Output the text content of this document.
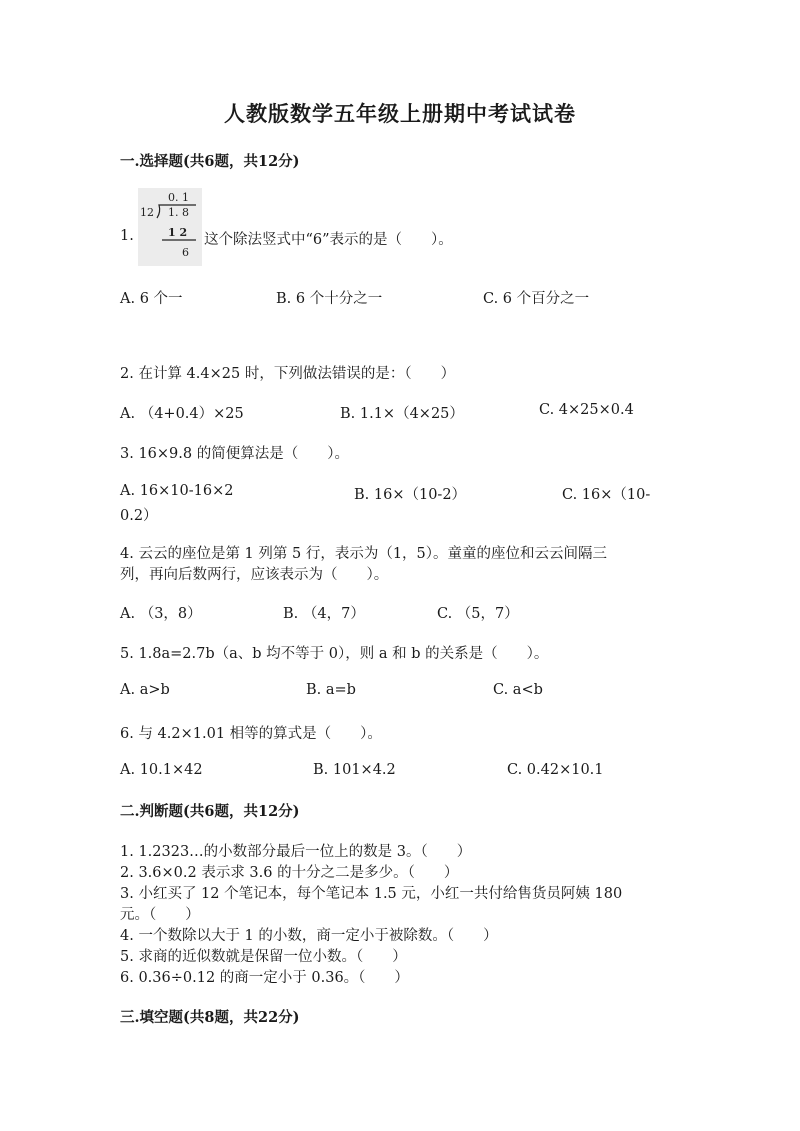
人教版数学五年级上册期中考试试卷
一.选择题(共6题，共12分)
0. 1
12 1. 8
1 2
6
1.	这个除法竖式中“6”表示的是（　　）。
A. 6 个一	B. 6 个十分之一	C. 6 个百分之一
2. 在计算 4.4×25 时，下列做法错误的是：（　　）
A. （4+0.4）×25	B. 1.1×（4×25）	C. 4×25×0.4
3. 16×9.8 的简便算法是（　　）。
A. 16×10-16×2	B. 16×（10-2）	C. 16×（10-
0.2）
4. 云云的座位是第 1 列第 5 行，表示为（1，5）。童童的座位和云云间隔三
列，再向后数两行，应该表示为（　　）。
A. （3，8）	B. （4，7）	C. （5，7）
5. 1.8a=2.7b（a、b 均不等于 0），则 a 和 b 的关系是（　　）。
A. a>b	B. a=b	C. a<b
6. 与 4.2×1.01 相等的算式是（　　）。
A. 10.1×42	B. 101×4.2	C. 0.42×10.1
二.判断题(共6题，共12分)
1. 1.2323…的小数部分最后一位上的数是 3。（　　）
2. 3.6×0.2 表示求 3.6 的十分之二是多少。（　　）
3. 小红买了 12 个笔记本，每个笔记本 1.5 元，小红一共付给售货员阿姨 180
元。（　　）
4. 一个数除以大于 1 的小数，商一定小于被除数。（　　）
5. 求商的近似数就是保留一位小数。（　　）
6. 0.36÷0.12 的商一定小于 0.36。（　　）
三.填空题(共8题，共22分)
